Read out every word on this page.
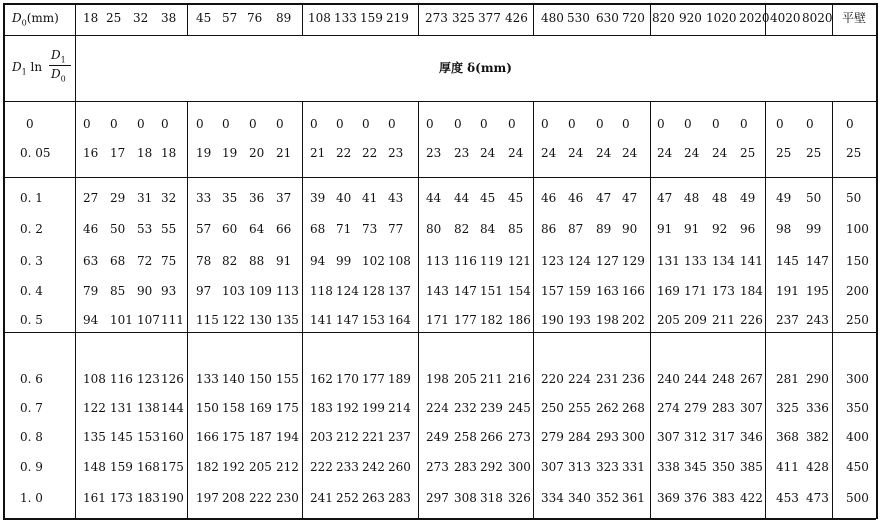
$D_0(mm)$
$D_1$ ln
$D_1$
$D_0$
厚度 δ(mm)
18 25 32 38 45 57 76 89 108 133 159 219 273 325 377 426 480 530 630 720 820 920 1020 2020 4020 8020 平壁
0
0. 05
0. 1
0. 2
0. 3
0. 4
0. 5
0. 6
0. 7
0. 8
0. 9
1. 0
0 0 0 0 0 0 0 0 0 0 0 0	0 0 0 0 0 0 0 0 0 0 0 0 0 0	0
16 17 18 18 19 19 20 21 21 22 22 23 23 23 24 24 24 24 24 24 24 24 24 25 25 25 25
27 29 31 32 33 35 36 37 39 40 41 43 44 44 45 45 46 46 47 47 47 48 48 49 49 50 50
46 50 53 55 57 60 64 66 68 71 73 77 80 82 84 85 86 87 89 90 91 91 92 96 98 99 100
63 68 72 75 78 82 88 91 94 99 102 108 113 116 119 121 123 124 127 129 131 133 134 141 145 147 150
79 85 90 93 97 103 109 113 118 124 128 137 143 147 151 154 157 159 163 166 169 171 173 184 191 195 200
94 101 107 111 115 122 130 135 141 147 153 164 171 177 182 186 190 193 198 202 205 209 211 226 237 243 250
108 116 123 126 133 140 150 155 162 170 177 189 198 205 211 216 220 224 231 236 240 244 248 267 281 290 300
122 131 138 144 150 158 169 175 183 192 199 214 224 232 239 245 250 255 262 268 274 279 283 307 325 336 350
135 145 153 160 166 175 187 194 203 212 221 237 249 258 266 273 279 284 293 300 307 312 317 346 368 382 400
148 159 168 175 182 192 205 212 222 233 242 260 273 283 292 300 307 313 323 331 338 345 350 385 411 428 450
161 173 183 190 197 208 222 230 241 252 263 283 297 308 318 326 334 340 352 361 369 376 383 422 453 473 500
